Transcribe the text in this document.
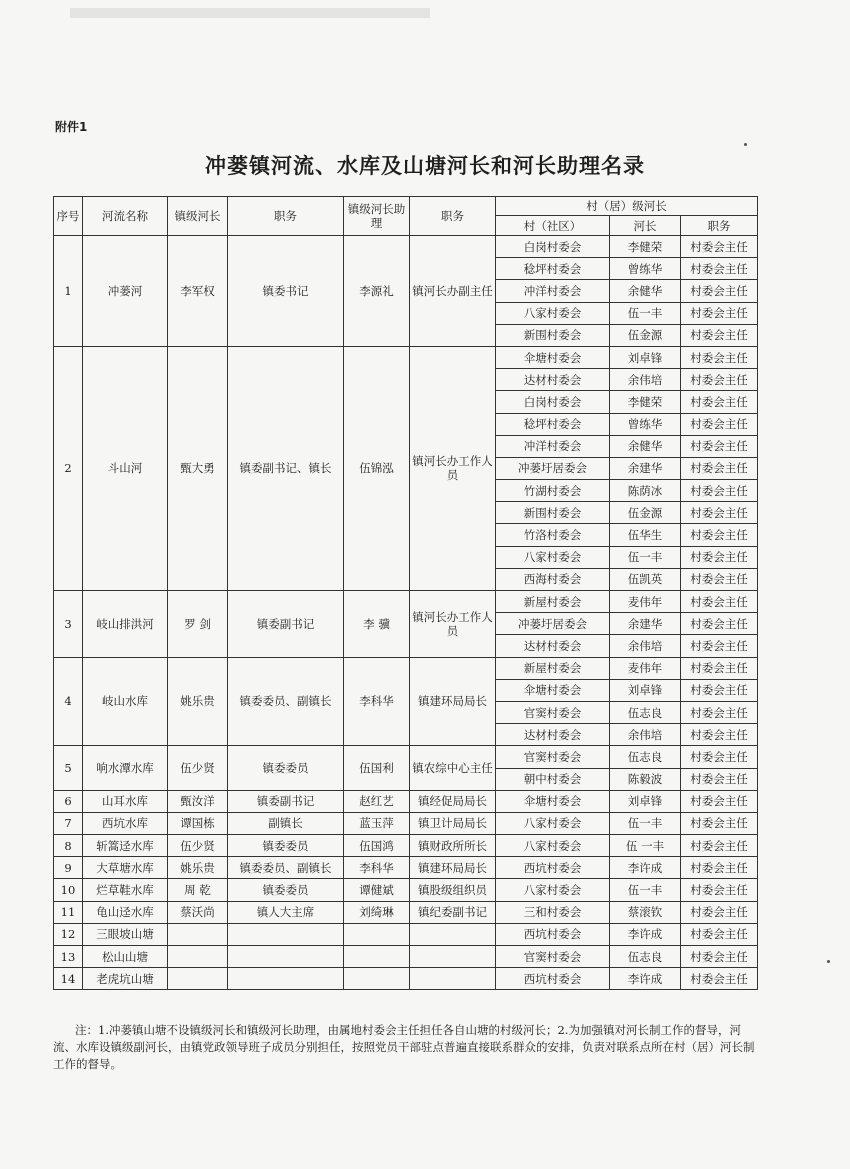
附件1
冲蒌镇河流、水库及山塘河长和河长助理名录
序号	河流名称	镇级河长	职务	镇级河长助理	职务	村（居）级河长		
						村（社区）	河长	职务
1	冲蒌河	李军权	镇委书记	李源礼	镇河长办副主任	白岗村委会	李健荣	村委会主任
						稔坪村委会	曾练华	村委会主任
						冲洋村委会	余健华	村委会主任
						八家村委会	伍一丰	村委会主任
						新围村委会	伍金源	村委会主任
2	斗山河	甄大勇	镇委副书记、镇长	伍锦泓	镇河长办工作人员	伞塘村委会	刘卓锋	村委会主任
						达材村委会	余伟培	村委会主任
						白岗村委会	李健荣	村委会主任
						稔坪村委会	曾练华	村委会主任
						冲洋村委会	余健华	村委会主任
						冲蒌圩居委会	余建华	村委会主任
						竹湖村委会	陈荫冰	村委会主任
						新围村委会	伍金源	村委会主任
						竹洛村委会	伍华生	村委会主任
						八家村委会	伍一丰	村委会主任
						西海村委会	伍凯英	村委会主任
3	岐山排洪河	罗 剑	镇委副书记	李 骥	镇河长办工作人员	新屋村委会	麦伟年	村委会主任
						冲蒌圩居委会	余建华	村委会主任
						达材村委会	余伟培	村委会主任
4	岐山水库	姚乐贵	镇委委员、副镇长	李科华	镇建环局局长	新屋村委会	麦伟年	村委会主任
						伞塘村委会	刘卓锋	村委会主任
						官窦村委会	伍志良	村委会主任
						达材村委会	余伟培	村委会主任
5	响水潭水库	伍少贤	镇委委员	伍国利	镇农综中心主任	官窦村委会	伍志良	村委会主任
						朝中村委会	陈毅波	村委会主任
6	山耳水库	甄汝洋	镇委副书记	赵红艺	镇经促局局长	伞塘村委会	刘卓锋	村委会主任
7	西坑水库	谭国栋	副镇长	蓝玉萍	镇卫计局局长	八家村委会	伍一丰	村委会主任
8	斩篙迳水库	伍少贤	镇委委员	伍国鸿	镇财政所所长	八家村委会	伍 一丰	村委会主任
9	大草塘水库	姚乐贵	镇委委员、副镇长	李科华	镇建环局局长	西坑村委会	李许成	村委会主任
10	烂草鞋水库	周 乾	镇委委员	谭健斌	镇股级组织员	八家村委会	伍一丰	村委会主任
11	龟山迳水库	蔡沃尚	镇人大主席	刘绮琳	镇纪委副书记	三和村委会	蔡滚钦	村委会主任
12	三眼坡山塘					西坑村委会	李许成	村委会主任
13	松山山塘					官窦村委会	伍志良	村委会主任
14	老虎坑山塘					西坑村委会	李许成	村委会主任
注：1.冲蒌镇山塘不设镇级河长和镇级河长助理，由属地村委会主任担任各自山塘的村级河长；2.为加强镇对河长制工作的督导，河流、水库设镇级副河长，由镇党政领导班子成员分别担任，按照党员干部驻点普遍直接联系群众的安排，负责对联系点所在村（居）河长制工作的督导。
